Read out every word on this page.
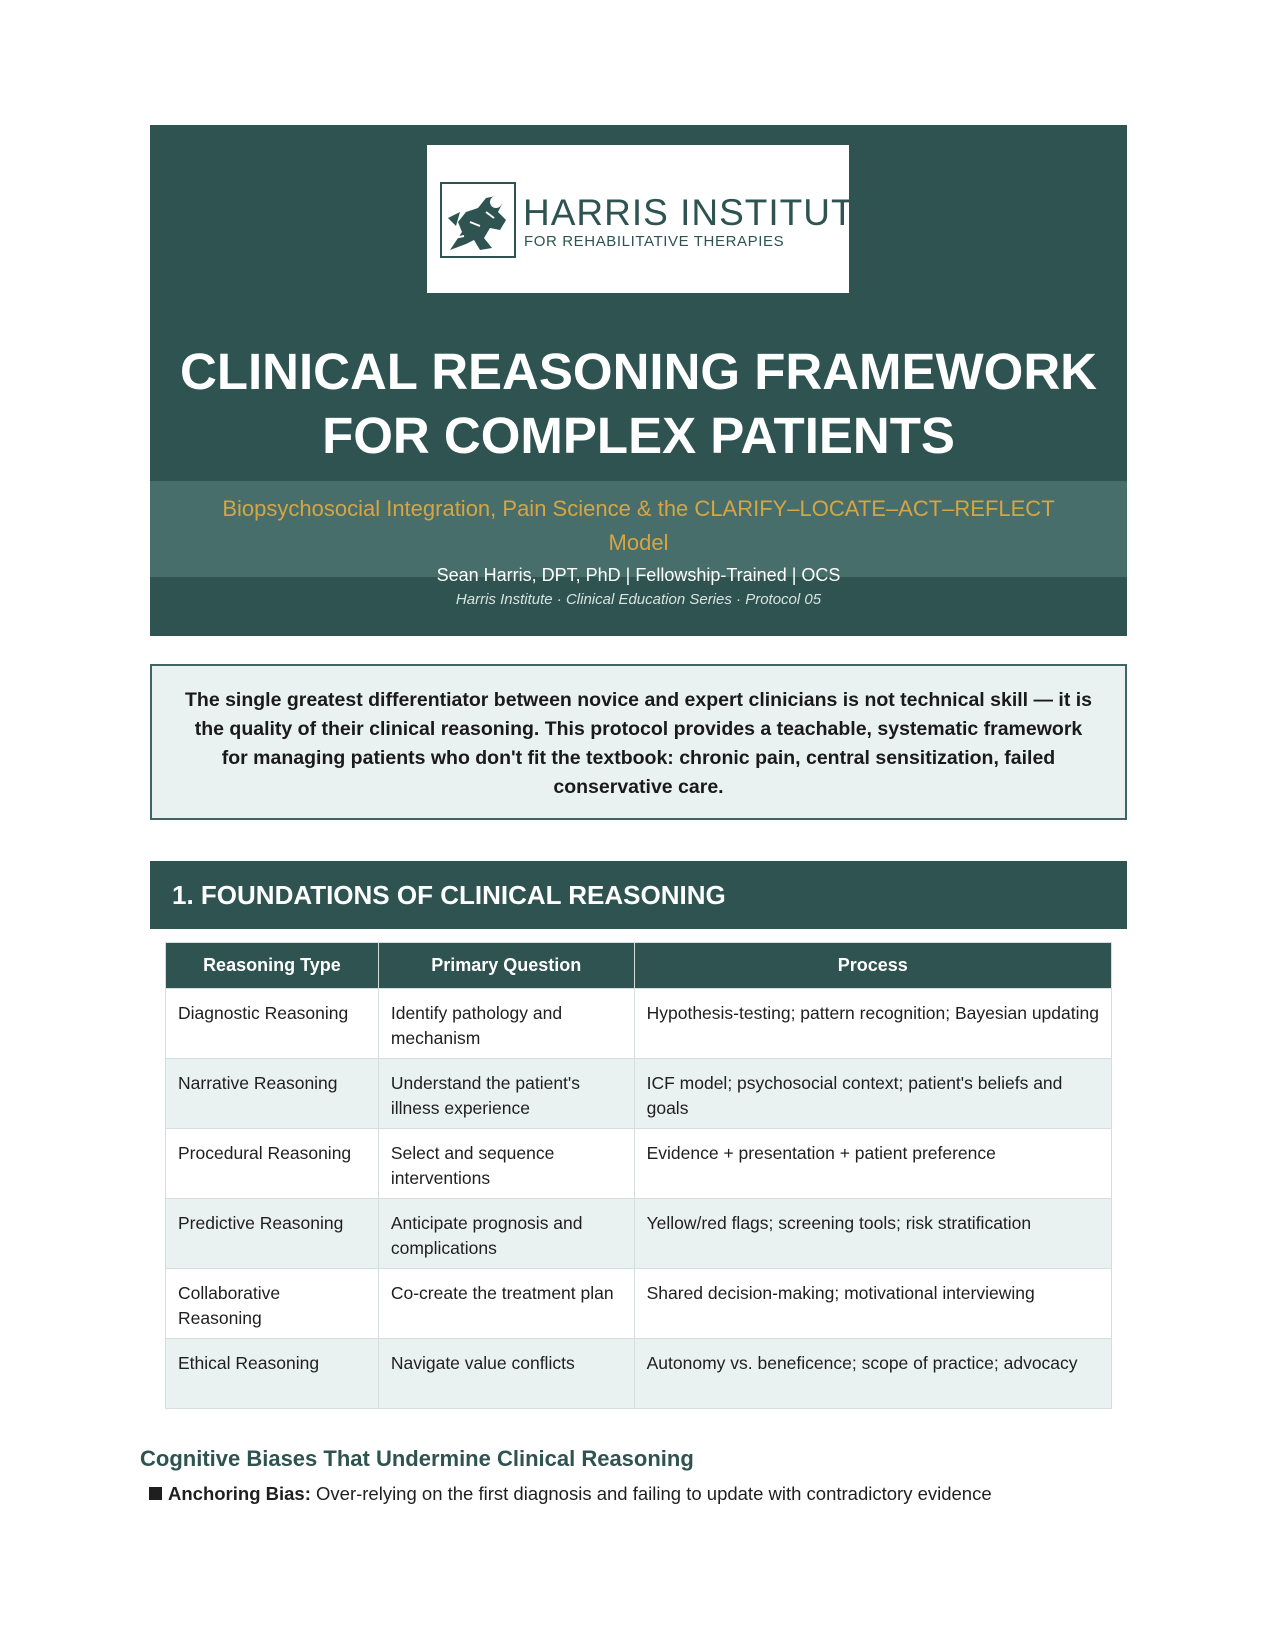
HARRIS INSTITUTE
FOR REHABILITATIVE THERAPIES
CLINICAL REASONING FRAMEWORK
FOR COMPLEX PATIENTS

Biopsychosocial Integration, Pain Science & the CLARIFY–LOCATE–ACT–REFLECT Model

Sean Harris, DPT, PhD | Fellowship-Trained | OCS
Harris Institute · Clinical Education Series · Protocol 05

The single greatest differentiator between novice and expert clinicians is not technical skill — it is the quality of their clinical reasoning. This protocol provides a teachable, systematic framework for managing patients who don't fit the textbook: chronic pain, central sensitization, failed conservative care.

1. FOUNDATIONS OF CLINICAL REASONING
Reasoning Type	Primary Question	Process
Diagnostic Reasoning	Identify pathology and mechanism	Hypothesis-testing; pattern recognition; Bayesian updating
Narrative Reasoning	Understand the patient's illness experience	ICF model; psychosocial context; patient's beliefs and goals
Procedural Reasoning	Select and sequence interventions	Evidence + presentation + patient preference
Predictive Reasoning	Anticipate prognosis and complications	Yellow/red flags; screening tools; risk stratification
Collaborative Reasoning	Co-create the treatment plan	Shared decision-making; motivational interviewing
Ethical Reasoning	Navigate value conflicts	Autonomy vs. beneficence; scope of practice; advocacy
Cognitive Biases That Undermine Clinical Reasoning
Anchoring Bias: Over-relying on the first diagnosis and failing to update with contradictory evidence
